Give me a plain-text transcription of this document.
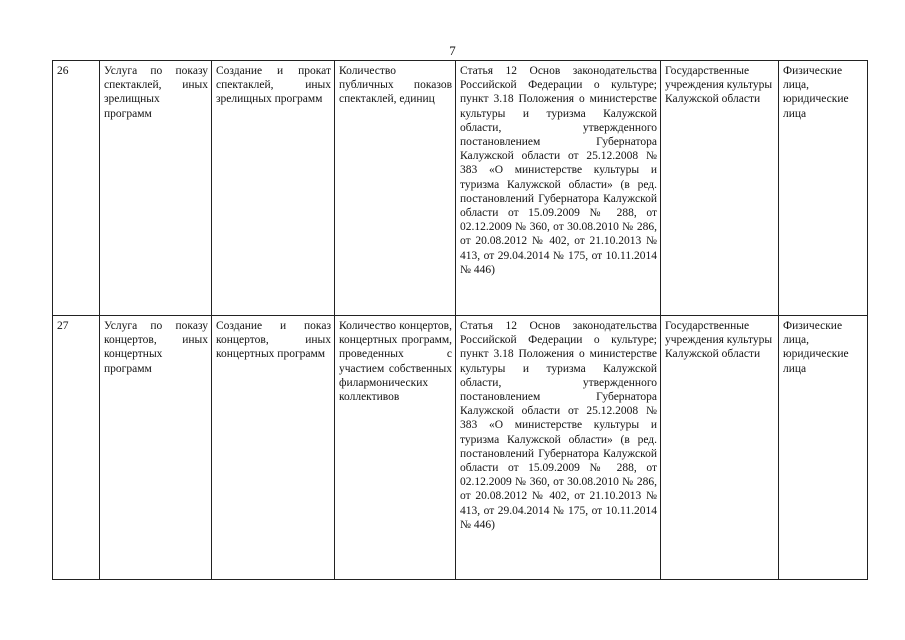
7
26	Услуга по показу спектаклей, иных зрелищных программ	Создание и прокат спектаклей, иных зрелищных программ	Количество публичных показов спектаклей, единиц	Статья 12 Основ законодательства Российской Федерации о культуре; пункт 3.18 Положения о министерстве культуры и туризма Калужской области, утвержденного постановлением Губернатора Калужской области от 25.12.2008 № 383 «О министерстве культуры и туризма Калужской области» (в ред. постановлений Губернатора Калужской области от 15.09.2009 № 288, от 02.12.2009 № 360, от 30.08.2010 № 286, от 20.08.2012 № 402, от 21.10.2013 № 413, от 29.04.2014 № 175, от 10.11.2014 № 446)	Государственные учреждения культуры Калужской области	Физические лица, юридические лица
27	Услуга по показу концертов, иных концертных программ	Создание и показ концертов, иных концертных программ	Количество концертов, концертных программ, проведенных с участием собственных филармонических коллективов	Статья 12 Основ законодательства Российской Федерации о культуре; пункт 3.18 Положения о министерстве культуры и туризма Калужской области, утвержденного постановлением Губернатора Калужской области от 25.12.2008 № 383 «О министерстве культуры и туризма Калужской области» (в ред. постановлений Губернатора Калужской области от 15.09.2009 № 288, от 02.12.2009 № 360, от 30.08.2010 № 286, от 20.08.2012 № 402, от 21.10.2013 № 413, от 29.04.2014 № 175, от 10.11.2014 № 446)	Государственные учреждения культуры Калужской области	Физические лица, юридические лица
